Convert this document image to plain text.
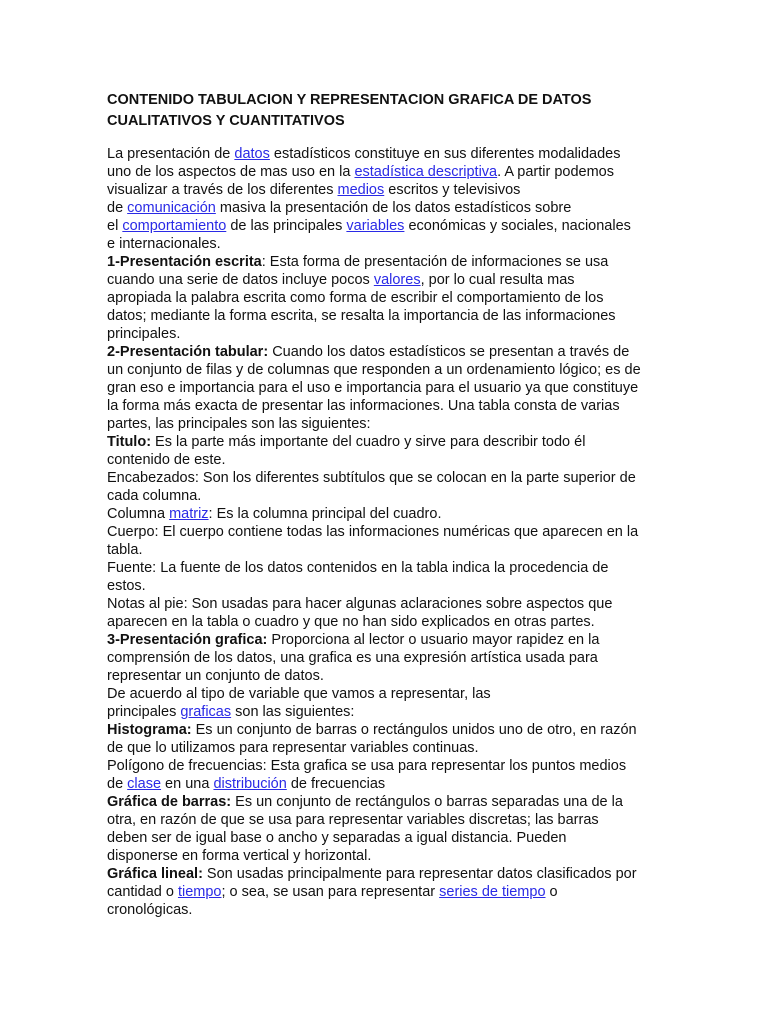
CONTENIDO TABULACION Y REPRESENTACION GRAFICA DE DATOS
CUALITATIVOS Y CUANTITATIVOS
La presentación de datos estadísticos constituye en sus diferentes modalidades
uno de los aspectos de mas uso en la estadística descriptiva. A partir podemos
visualizar a través de los diferentes medios escritos y televisivos
de comunicación masiva la presentación de los datos estadísticos sobre
el comportamiento de las principales variables económicas y sociales, nacionales
e internacionales.
1-Presentación escrita: Esta forma de presentación de informaciones se usa
cuando una serie de datos incluye pocos valores, por lo cual resulta mas
apropiada la palabra escrita como forma de escribir el comportamiento de los
datos; mediante la forma escrita, se resalta la importancia de las informaciones
principales.
2-Presentación tabular: Cuando los datos estadísticos se presentan a través de
un conjunto de filas y de columnas que responden a un ordenamiento lógico; es de
gran eso e importancia para el uso e importancia para el usuario ya que constituye
la forma más exacta de presentar las informaciones. Una tabla consta de varias
partes, las principales son las siguientes:
Titulo: Es la parte más importante del cuadro y sirve para describir todo él
contenido de este.
Encabezados: Son los diferentes subtítulos que se colocan en la parte superior de
cada columna.
Columna matriz: Es la columna principal del cuadro.
Cuerpo: El cuerpo contiene todas las informaciones numéricas que aparecen en la
tabla.
Fuente: La fuente de los datos contenidos en la tabla indica la procedencia de
estos.
Notas al pie: Son usadas para hacer algunas aclaraciones sobre aspectos que
aparecen en la tabla o cuadro y que no han sido explicados en otras partes.
3-Presentación grafica: Proporciona al lector o usuario mayor rapidez en la
comprensión de los datos, una grafica es una expresión artística usada para
representar un conjunto de datos.
De acuerdo al tipo de variable que vamos a representar, las
principales graficas son las siguientes:
Histograma: Es un conjunto de barras o rectángulos unidos uno de otro, en razón
de que lo utilizamos para representar variables continuas.
Polígono de frecuencias: Esta grafica se usa para representar los puntos medios
de clase en una distribución de frecuencias
Gráfica de barras: Es un conjunto de rectángulos o barras separadas una de la
otra, en razón de que se usa para representar variables discretas; las barras
deben ser de igual base o ancho y separadas a igual distancia. Pueden
disponerse en forma vertical y horizontal.
Gráfica lineal: Son usadas principalmente para representar datos clasificados por
cantidad o tiempo; o sea, se usan para representar series de tiempo o
cronológicas.
